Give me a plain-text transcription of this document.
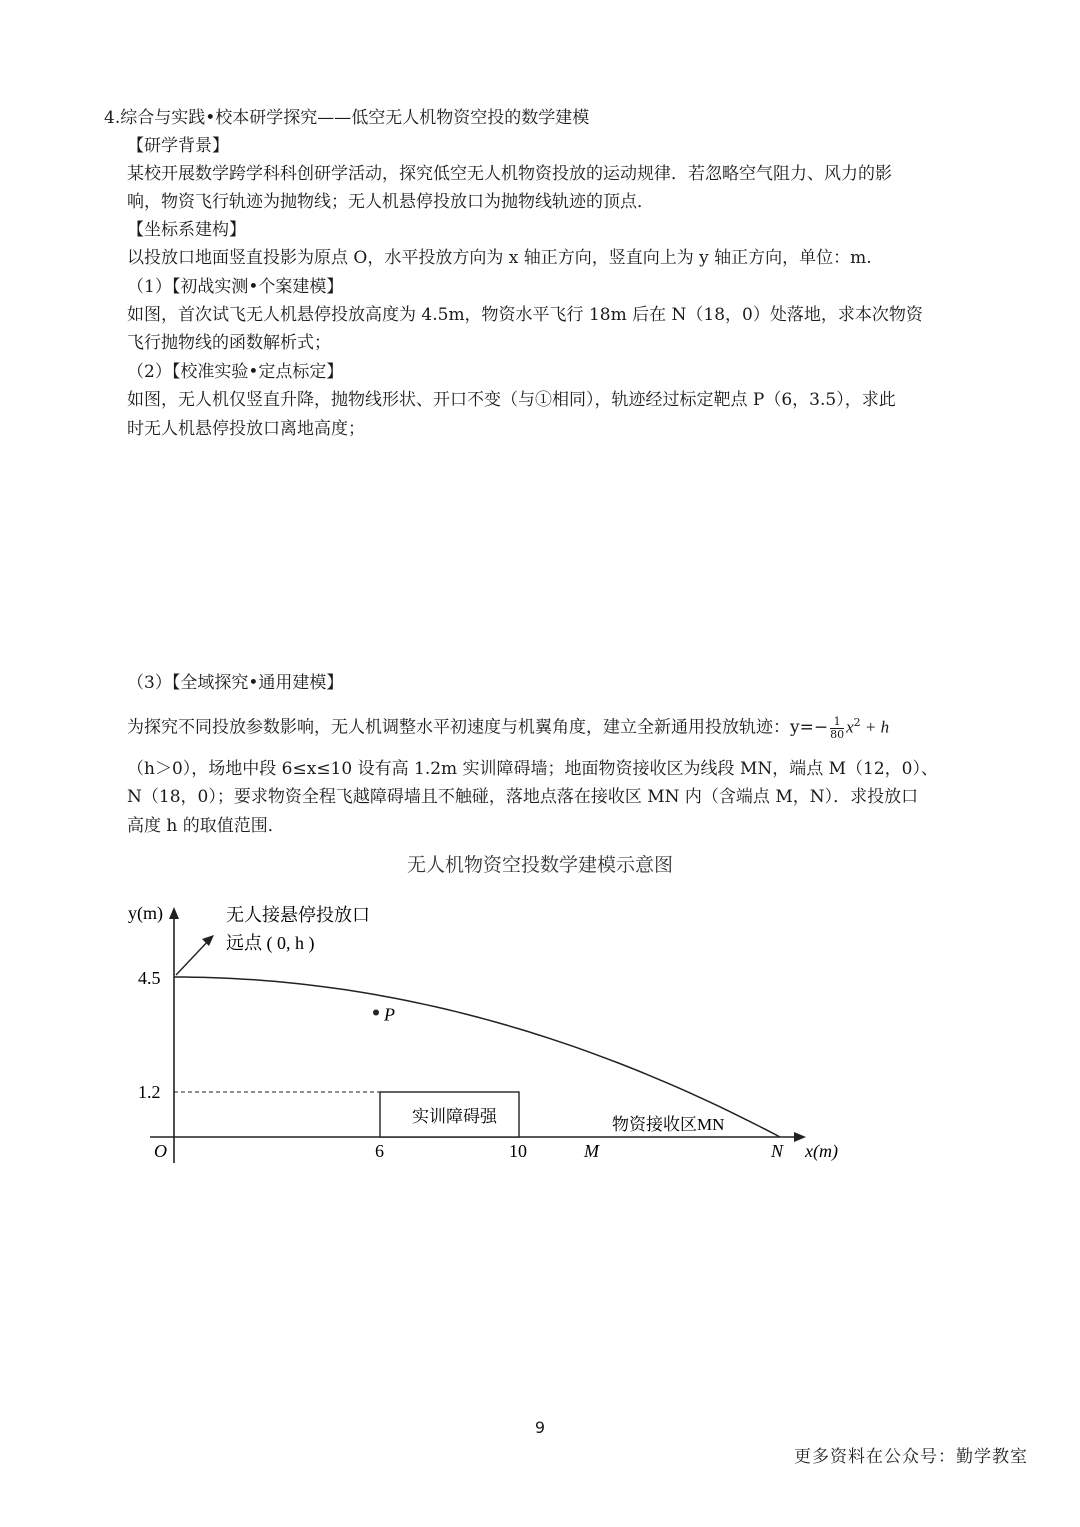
4.综合与实践•校本研学探究——低空无人机物资空投的数学建模
【研学背景】
某校开展数学跨学科科创研学活动，探究低空无人机物资投放的运动规律．若忽略空气阻力、风力的影
响，物资飞行轨迹为抛物线；无人机悬停投放口为抛物线轨迹的顶点．
【坐标系建构】
以投放口地面竖直投影为原点 O，水平投放方向为 x 轴正方向，竖直向上为 y 轴正方向，单位：m.
（1）【初战实测•个案建模】
如图，首次试飞无人机悬停投放高度为 4.5m，物资水平飞行 18m 后在 N（18，0）处落地，求本次物资
飞行抛物线的函数解析式；
（2）【校准实验•定点标定】
如图，无人机仅竖直升降，抛物线形状、开口不变（与①相同），轨迹经过标定靶点 P（6，3.5），求此
时无人机悬停投放口离地高度；
（3）【全域探究•通用建模】
为探究不同投放参数影响，无人机调整水平初速度与机翼角度，建立全新通用投放轨迹：$y=- \frac{1}{80} x^2 + h$
（h＞0），场地中段 6≤x≤10 设有高 1.2m 实训障碍墙；地面物资接收区为线段 MN，端点 M（12，0）、
N（18，0）；要求物资全程飞越障碍墙且不触碰，落地点落在接收区 MN 内（含端点 M，N）．求投放口
高度 h 的取值范围．
无人机物资空投数学建模示意图
y(m)
x(m)
O
无人接悬停投放口
远点 ( 0, h )
4.5
1.2
实训障碍强
6	10	M	N
物资接收区MN
P
9
更多资料在公众号：勤学教室
